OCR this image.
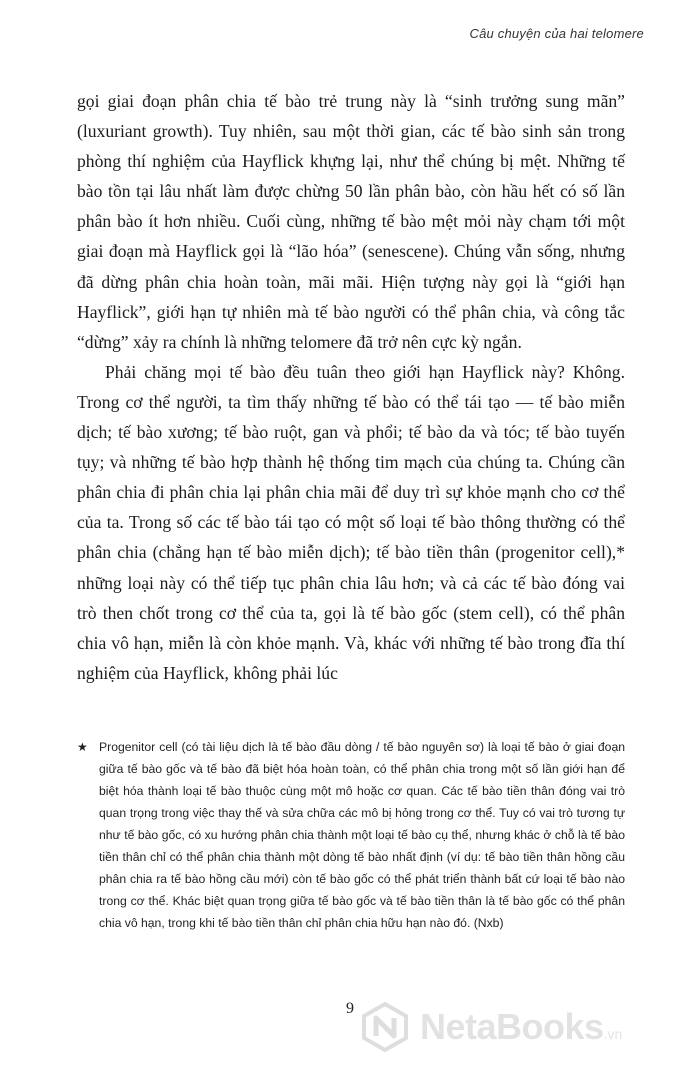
Câu chuyện của hai telomere

gọi giai đoạn phân chia tế bào trẻ trung này là “sinh trưởng sung mãn” (luxuriant growth). Tuy nhiên, sau một thời gian, các tế bào sinh sản trong phòng thí nghiệm của Hayflick khựng lại, như thể chúng bị mệt. Những tế bào tồn tại lâu nhất làm được chừng 50 lần phân bào, còn hầu hết có số lần phân bào ít hơn nhiều. Cuối cùng, những tế bào mệt mỏi này chạm tới một giai đoạn mà Hayflick gọi là “lão hóa” (senescene). Chúng vẫn sống, nhưng đã dừng phân chia hoàn toàn, mãi mãi. Hiện tượng này gọi là “giới hạn Hayflick”, giới hạn tự nhiên mà tế bào người có thể phân chia, và công tắc “dừng” xảy ra chính là những telomere đã trở nên cực kỳ ngắn.

Phải chăng mọi tế bào đều tuân theo giới hạn Hayflick này? Không. Trong cơ thể người, ta tìm thấy những tế bào có thể tái tạo — tế bào miễn dịch; tế bào xương; tế bào ruột, gan và phổi; tế bào da và tóc; tế bào tuyến tụy; và những tế bào hợp thành hệ thống tim mạch của chúng ta. Chúng cần phân chia đi phân chia lại phân chia mãi để duy trì sự khỏe mạnh cho cơ thể của ta. Trong số các tế bào tái tạo có một số loại tế bào thông thường có thể phân chia (chẳng hạn tế bào miễn dịch); tế bào tiền thân (progenitor cell),* những loại này có thể tiếp tục phân chia lâu hơn; và cả các tế bào đóng vai trò then chốt trong cơ thể của ta, gọi là tế bào gốc (stem cell), có thể phân chia vô hạn, miễn là còn khỏe mạnh. Và, khác với những tế bào trong đĩa thí nghiệm của Hayflick, không phải lúc

★ Progenitor cell (có tài liệu dịch là tế bào đầu dòng / tế bào nguyên sơ) là loại tế bào ở giai đoạn giữa tế bào gốc và tế bào đã biệt hóa hoàn toàn, có thể phân chia trong một số lần giới hạn để biệt hóa thành loại tế bào thuộc cùng một mô hoặc cơ quan. Các tế bào tiền thân đóng vai trò quan trọng trong việc thay thế và sửa chữa các mô bị hỏng trong cơ thể. Tuy có vai trò tương tự như tế bào gốc, có xu hướng phân chia thành một loại tế bào cụ thể, nhưng khác ở chỗ là tế bào tiền thân chỉ có thể phân chia thành một dòng tế bào nhất định (ví dụ: tế bào tiền thân hồng cầu phân chia ra tế bào hồng cầu mới) còn tế bào gốc có thể phát triển thành bất cứ loại tế bào nào trong cơ thể. Khác biệt quan trọng giữa tế bào gốc và tế bào tiền thân là tế bào gốc có thể phân chia vô hạn, trong khi tế bào tiền thân chỉ phân chia hữu hạn nào đó. (Nxb)
9	NetaBooks.vn
